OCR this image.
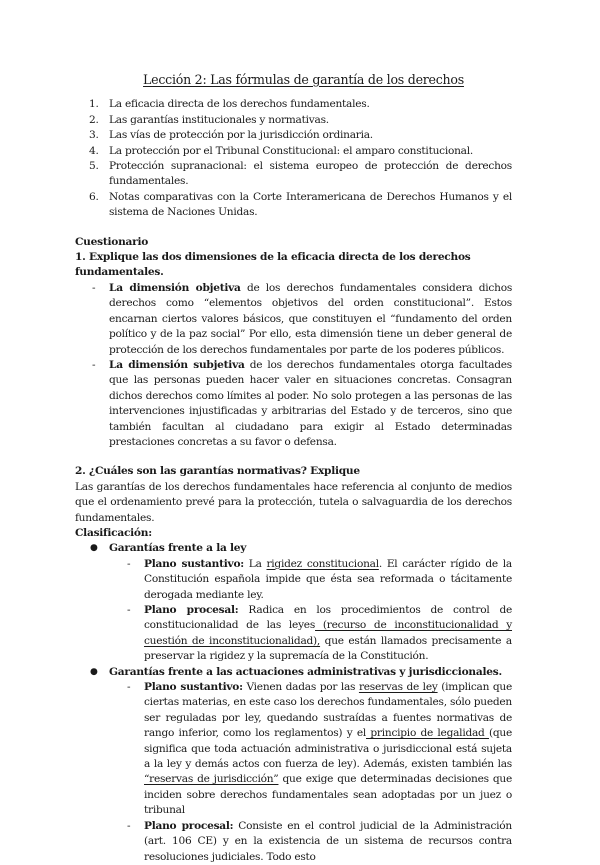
Lección 2: Las fórmulas de garantía de los derechos
1. La eficacia directa de los derechos fundamentales.
2. Las garantías institucionales y normativas.
3. Las vías de protección por la jurisdicción ordinaria.
4. La protección por el Tribunal Constitucional: el amparo constitucional.
5. Protección supranacional: el sistema europeo de protección de derechos fundamentales.
6. Notas comparativas con la Corte Interamericana de Derechos Humanos y el sistema de Naciones Unidas.
Cuestionario
1. Explique las dos dimensiones de la eficacia directa de los derechos fundamentales.
- La dimensión objetiva de los derechos fundamentales considera dichos derechos como “elementos objetivos del orden constitucional”. Estos encarnan ciertos valores básicos, que constituyen el “fundamento del orden político y de la paz social” Por ello, esta dimensión tiene un deber general de protección de los derechos fundamentales por parte de los poderes públicos.
- La dimensión subjetiva de los derechos fundamentales otorga facultades que las personas pueden hacer valer en situaciones concretas. Consagran dichos derechos como límites al poder. No solo protegen a las personas de las intervenciones injustificadas y arbitrarias del Estado y de terceros, sino que también facultan al ciudadano para exigir al Estado determinadas prestaciones concretas a su favor o defensa.
2. ¿Cuáles son las garantías normativas? Explique
Las garantías de los derechos fundamentales hace referencia al conjunto de medios que el ordenamiento prevé para la protección, tutela o salvaguardia de los derechos fundamentales.
Clasificación:
● Garantías frente a la ley
- Plano sustantivo: La rigidez constitucional. El carácter rígido de la Constitución española impide que ésta sea reformada o tácitamente derogada mediante ley.
- Plano procesal: Radica en los procedimientos de control de constitucionalidad de las leyes (recurso de inconstitucionalidad y cuestión de inconstitucionalidad), que están llamados precisamente a preservar la rigidez y la supremacía de la Constitución.
● Garantías frente a las actuaciones administrativas y jurisdiccionales.
- Plano sustantivo: Vienen dadas por las reservas de ley (implican que ciertas materias, en este caso los derechos fundamentales, sólo pueden ser reguladas por ley, quedando sustraídas a fuentes normativas de rango inferior, como los reglamentos) y el principio de legalidad (que significa que toda actuación administrativa o jurisdiccional está sujeta a la ley y demás actos con fuerza de ley). Además, existen también las “reservas de jurisdicción” que exige que determinadas decisiones que inciden sobre derechos fundamentales sean adoptadas por un juez o tribunal
- Plano procesal: Consiste en el control judicial de la Administración (art. 106 CE) y en la existencia de un sistema de recursos contra resoluciones judiciales. Todo esto
